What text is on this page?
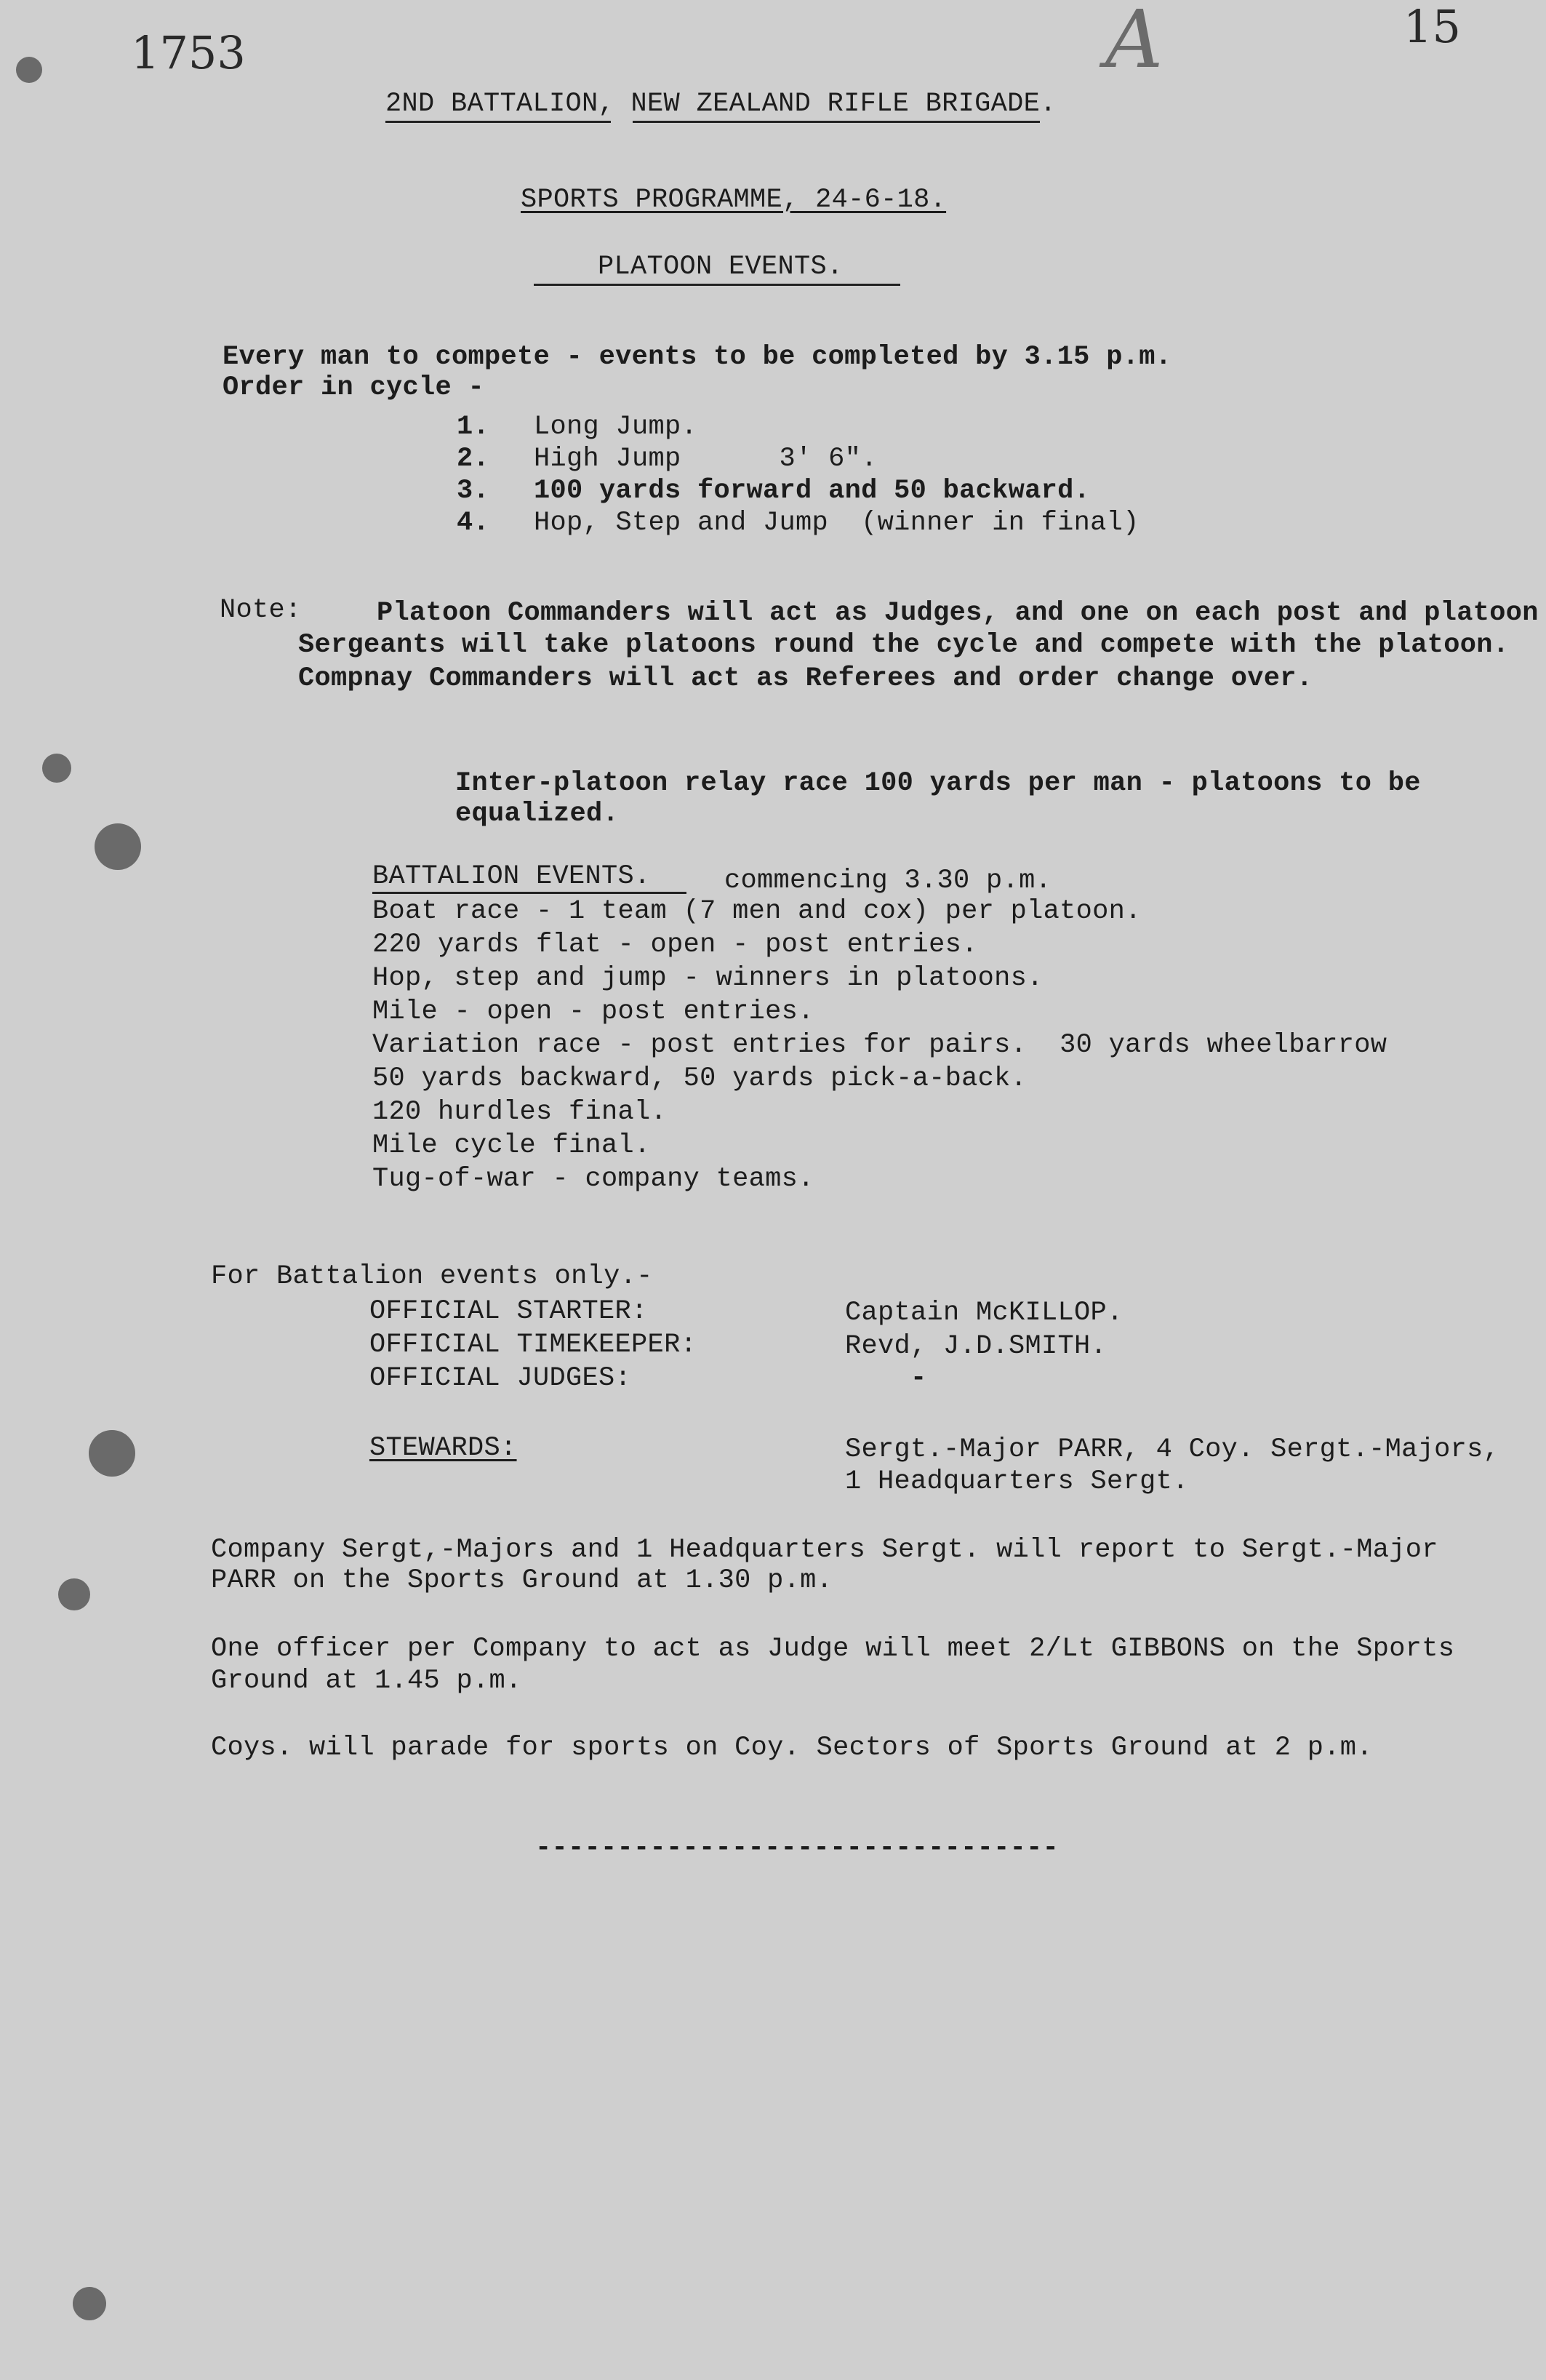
1753	15
A
2ND BATTALION, NEW ZEALAND RIFLE BRIGADE.
SPORTS PROGRAMME, 24-6-18.
PLATOON EVENTS.
Every man to compete - events to be completed by 3.15 p.m.
Order in cycle -
1. Long Jump.
2. High Jump      3' 6".
3. 100 yards forward and 50 backward.
4. Hop, Step and Jump  (winner in final)
Note:	Platoon Commanders will act as Judges, and one on each post and platoon
Sergeants will take platoons round the cycle and compete with the platoon.
Compnay Commanders will act as Referees and order change over.
Inter-platoon relay race 100 yards per man - platoons to be
equalized.
BATTALION EVENTS.	commencing 3.30 p.m.
Boat race - 1 team (7 men and cox) per platoon.
220 yards flat - open - post entries.
Hop, step and jump - winners in platoons.
Mile - open - post entries.
Variation race - post entries for pairs.  30 yards wheelbarrow
50 yards backward, 50 yards pick-a-back.
120 hurdles final.
Mile cycle final.
Tug-of-war - company teams.
For Battalion events only.-
OFFICIAL STARTER:	Captain McKILLOP.
OFFICIAL TIMEKEEPER:	Revd, J.D.SMITH.
OFFICIAL JUDGES:	-
STEWARDS:	Sergt.-Major PARR, 4 Coy. Sergt.-Majors,
1 Headquarters Sergt.
Company Sergt,-Majors and 1 Headquarters Sergt. will report to Sergt.-Major
PARR on the Sports Ground at 1.30 p.m.
One officer per Company to act as Judge will meet 2/Lt GIBBONS on the Sports
Ground at 1.45 p.m.
Coys. will parade for sports on Coy. Sectors of Sports Ground at 2 p.m.
--------------------------------
